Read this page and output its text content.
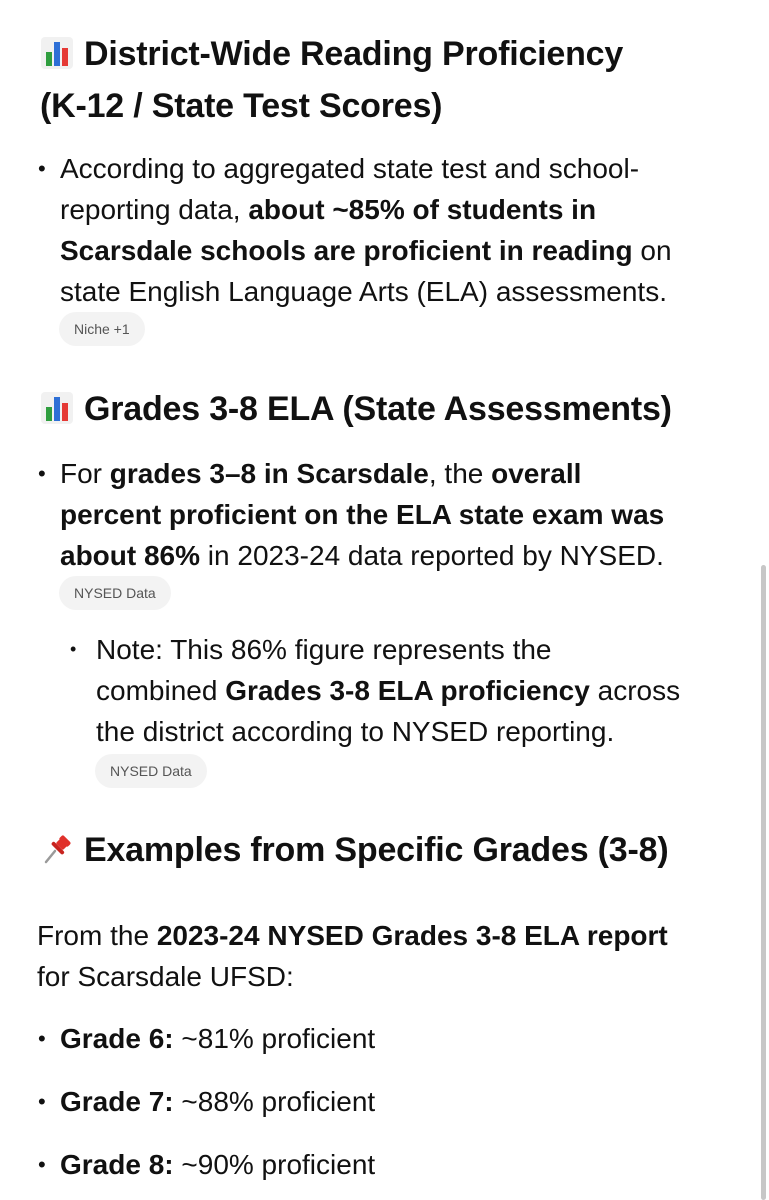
District-Wide Reading Proficiency
(K-12 / State Test Scores)
• According to aggregated state test and school-
reporting data, about ~85% of students in
Scarsdale schools are proficient in reading on
state English Language Arts (ELA) assessments.
Niche +1
Grades 3-8 ELA (State Assessments)
• For grades 3–8 in Scarsdale, the overall
percent proficient on the ELA state exam was
about 86% in 2023-24 data reported by NYSED.
NYSED Data
• Note: This 86% figure represents the
combined Grades 3-8 ELA proficiency across
the district according to NYSED reporting.
NYSED Data
Examples from Specific Grades (3-8)
From the 2023-24 NYSED Grades 3-8 ELA report
for Scarsdale UFSD:
• Grade 6: ~81% proficient
• Grade 7: ~88% proficient
• Grade 8: ~90% proficient
